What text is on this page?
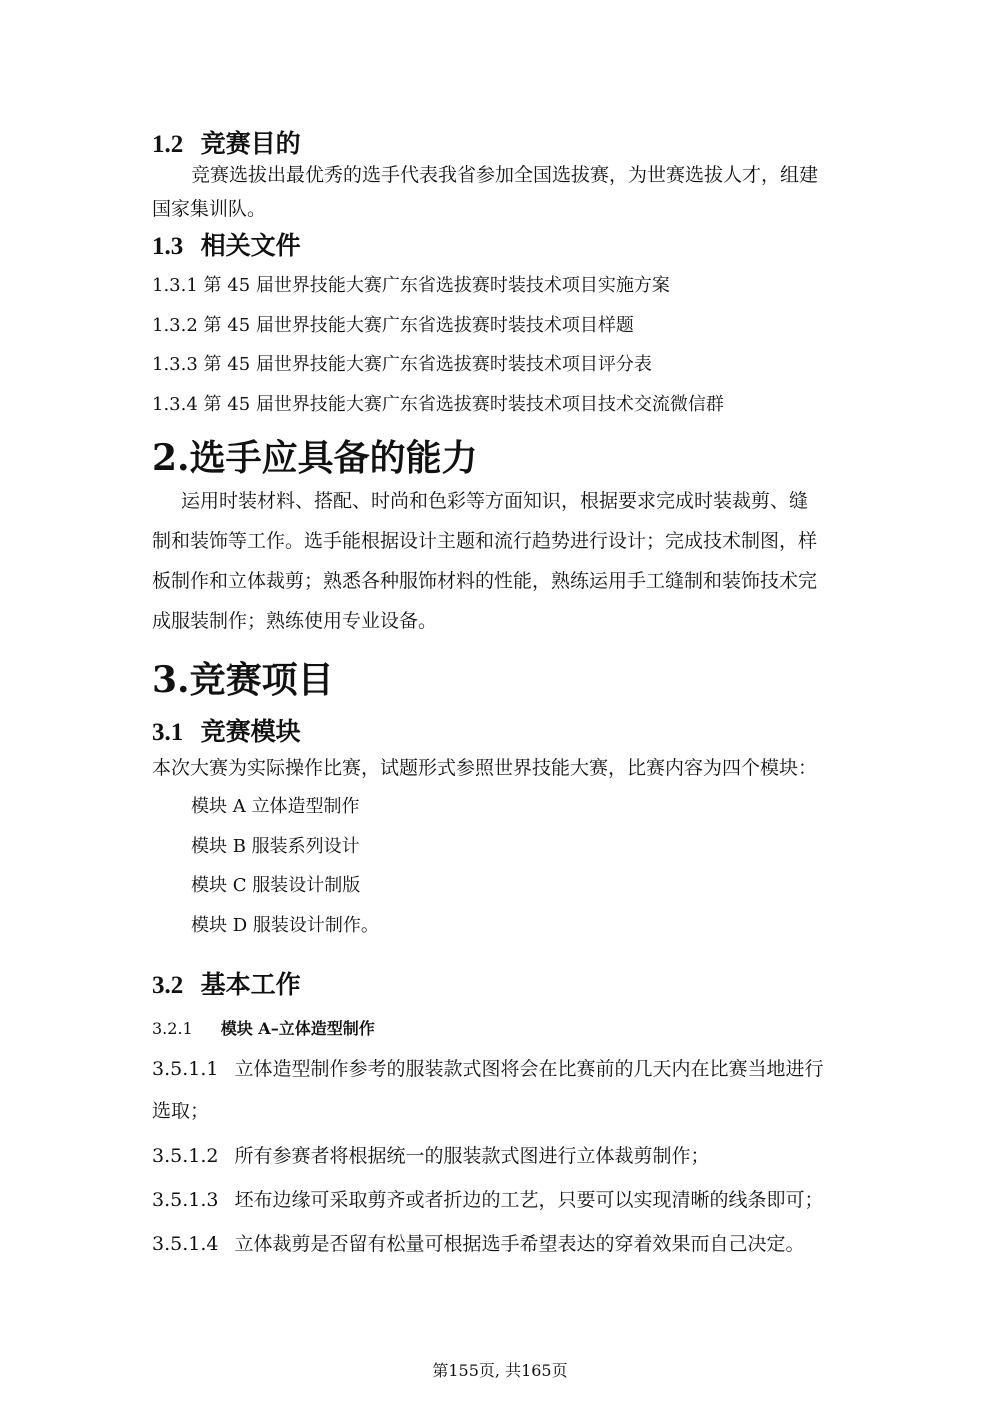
1.2 竞赛目的
竞赛选拔出最优秀的选手代表我省参加全国选拔赛，为世赛选拔人才，组建
国家集训队。
1.3 相关文件
1.3.1 第 45 届世界技能大赛广东省选拔赛时装技术项目实施方案
1.3.2 第 45 届世界技能大赛广东省选拔赛时装技术项目样题
1.3.3 第 45 届世界技能大赛广东省选拔赛时装技术项目评分表
1.3.4 第 45 届世界技能大赛广东省选拔赛时装技术项目技术交流微信群
2.选手应具备的能力
运用时装材料、搭配、时尚和色彩等方面知识，根据要求完成时装裁剪、缝
制和装饰等工作。选手能根据设计主题和流行趋势进行设计；完成技术制图，样
板制作和立体裁剪；熟悉各种服饰材料的性能，熟练运用手工缝制和装饰技术完
成服装制作；熟练使用专业设备。
3.竞赛项目
3.1 竞赛模块
本次大赛为实际操作比赛，试题形式参照世界技能大赛，比赛内容为四个模块：
模块 A 立体造型制作
模块 B 服装系列设计
模块 C 服装设计制版
模块 D 服装设计制作。
3.2 基本工作
3.2.1 模块 A–立体造型制作
3.5.1.1 立体造型制作参考的服装款式图将会在比赛前的几天内在比赛当地进行
选取；
3.5.1.2 所有参赛者将根据统一的服装款式图进行立体裁剪制作；
3.5.1.3 坯布边缘可采取剪齐或者折边的工艺，只要可以实现清晰的线条即可；
3.5.1.4 立体裁剪是否留有松量可根据选手希望表达的穿着效果而自己决定。
第155页, 共165页
